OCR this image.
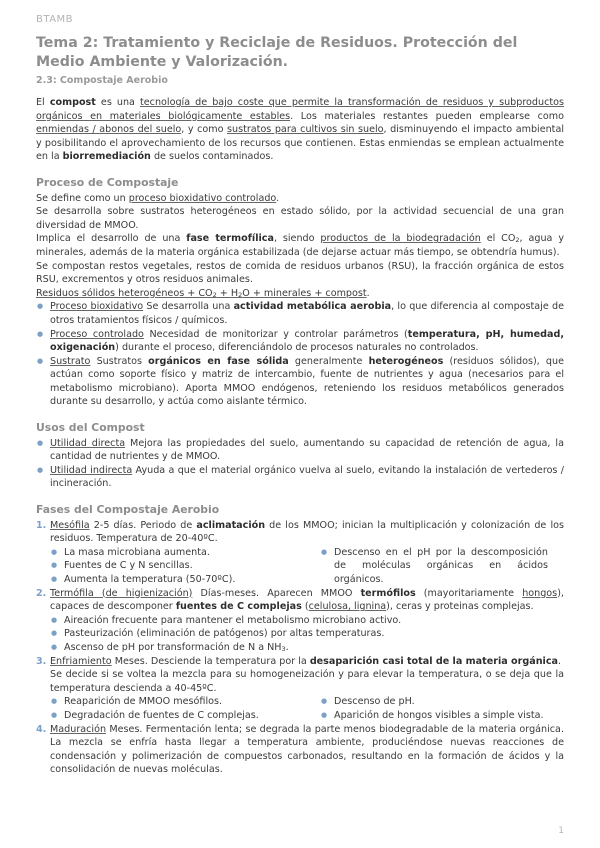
BTAMB
Tema 2: Tratamiento y Reciclaje de Residuos. Protección del Medio Ambiente y Valorización.
2.3: Compostaje Aerobio

El compost es una tecnología de bajo coste que permite la transformación de residuos y subproductos orgánicos en materiales biológicamente estables. Los materiales restantes pueden emplearse como enmiendas / abonos del suelo, y como sustratos para cultivos sin suelo, disminuyendo el impacto ambiental y posibilitando el aprovechamiento de los recursos que contienen. Estas enmiendas se emplean actualmente en la biorremediación de suelos contaminados.

Proceso de Compostaje

Se define como un proceso bioxidativo controlado.

Se desarrolla sobre sustratos heterogéneos en estado sólido, por la actividad secuencial de una gran diversidad de MMOO.

Implica el desarrollo de una fase termofílica, siendo productos de la biodegradación el $CO_2$, agua y minerales, además de la materia orgánica estabilizada (de dejarse actuar más tiempo, se obtendría humus).

Se compostan restos vegetales, restos de comida de residuos urbanos (RSU), la fracción orgánica de estos RSU, excrementos y otros residuos animales.

Residuos sólidos heterogéneos + $CO_2 + H_2O$ + minerales + compost.

● Proceso bioxidativo Se desarrolla una actividad metabólica aerobia, lo que diferencia al compostaje de otros tratamientos físicos / químicos.
● Proceso controlado Necesidad de monitorizar y controlar parámetros (temperatura, pH, humedad, oxigenación) durante el proceso, diferenciándolo de procesos naturales no controlados.
● Sustrato Sustratos orgánicos en fase sólida generalmente heterogéneos (residuos sólidos), que actúan como soporte físico y matriz de intercambio, fuente de nutrientes y agua (necesarios para el metabolismo microbiano). Aporta MMOO endógenos, reteniendo los residuos metabólicos generados durante su desarrollo, y actúa como aislante térmico.
Usos del Compost
● Utilidad directa Mejora las propiedades del suelo, aumentando su capacidad de retención de agua, la cantidad de nutrientes y de MMOO.
● Utilidad indirecta Ayuda a que el material orgánico vuelva al suelo, evitando la instalación de vertederos / incineración.
Fases del Compostaje Aerobio
1. Mesófila 2-5 días. Periodo de aclimatación de los MMOO; inician la multiplicación y colonización de los residuos. Temperatura de 20-40ºC.
● La masa microbiana aumenta.
● Fuentes de C y N sencillas.
● Aumenta la temperatura (50-70ºC).
● Descenso en el pH por la descomposición de moléculas orgánicas en ácidos orgánicos.
2. Termófila (de higienización) Días-meses. Aparecen MMOO termófilos (mayoritariamente hongos), capaces de descomponer fuentes de C complejas (celulosa, lignina), ceras y proteinas complejas.
● Aireación frecuente para mantener el metabolismo microbiano activo.
● Pasteurización (eliminación de patógenos) por altas temperaturas.
● Ascenso de pH por transformación de N a $NH_3$.
3. Enfriamiento Meses. Desciende la temperatura por la desaparición casi total de la materia orgánica.
Se decide si se voltea la mezcla para su homogeneización y para elevar la temperatura, o se deja que la temperatura descienda a 40-45ºC.
● Reaparición de MMOO mesófilos.
● Degradación de fuentes de C complejas.
● Descenso de pH.
● Aparición de hongos visibles a simple vista.
4. Maduración Meses. Fermentación lenta; se degrada la parte menos biodegradable de la materia orgánica. La mezcla se enfría hasta llegar a temperatura ambiente, produciéndose nuevas reacciones de condensación y polimerización de compuestos carbonados, resultando en la formación de ácidos y la consolidación de nuevas moléculas.
1
